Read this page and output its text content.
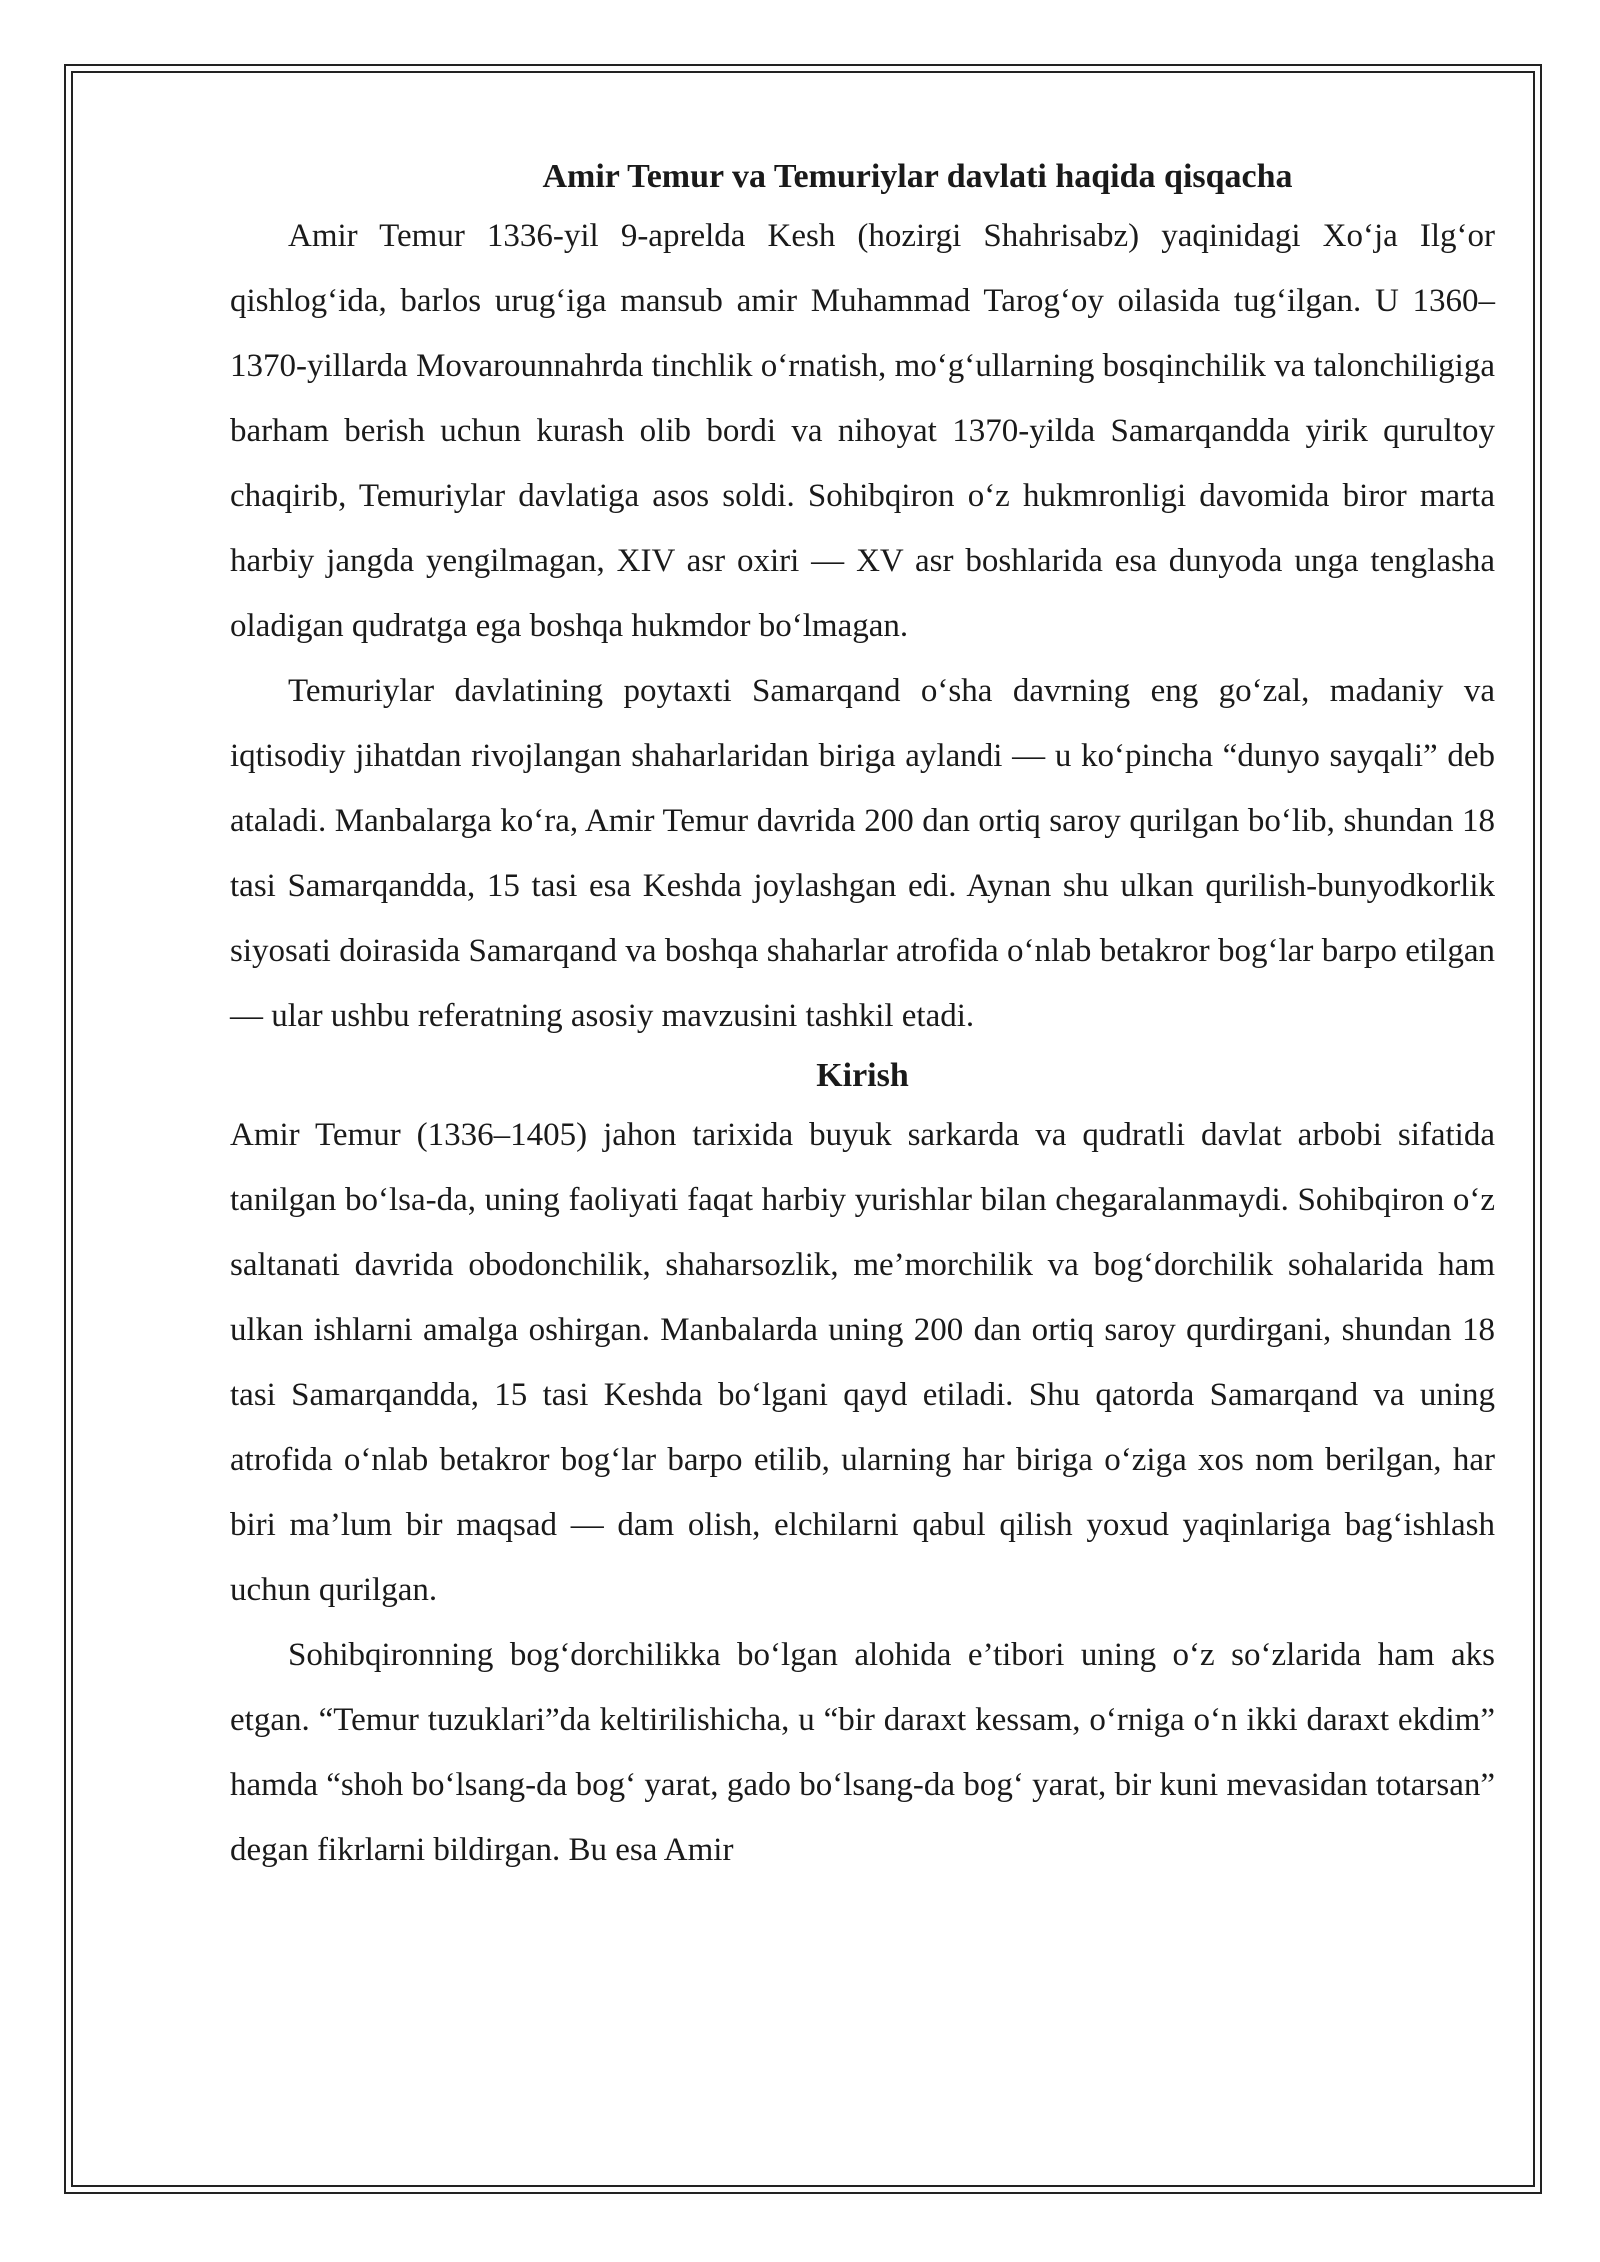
Amir Temur va Temuriylar davlati haqida qisqacha

Amir Temur 1336-yil 9-aprelda Kesh (hozirgi Shahrisabz) yaqinidagi Xo‘ja Ilg‘or qishlog‘ida, barlos urug‘iga mansub amir Muhammad Tarog‘oy oilasida tug‘ilgan. U 1360–1370-yillarda Movarounnahrda tinchlik o‘rnatish, mo‘g‘ullarning bosqinchilik va talonchiligiga barham berish uchun kurash olib bordi va nihoyat 1370-yilda Samarqandda yirik qurultoy chaqirib, Temuriylar davlatiga asos soldi. Sohibqiron o‘z hukmronligi davomida biror marta harbiy jangda yengilmagan, XIV asr oxiri — XV asr boshlarida esa dunyoda unga tenglasha oladigan qudratga ega boshqa hukmdor bo‘lmagan.

Temuriylar davlatining poytaxti Samarqand o‘sha davrning eng go‘zal, madaniy va iqtisodiy jihatdan rivojlangan shaharlaridan biriga aylandi — u ko‘pincha “dunyo sayqali” deb ataladi. Manbalarga ko‘ra, Amir Temur davrida 200 dan ortiq saroy qurilgan bo‘lib, shundan 18 tasi Samarqandda, 15 tasi esa Keshda joylashgan edi. Aynan shu ulkan qurilish-bunyodkorlik siyosati doirasida Samarqand va boshqa shaharlar atrofida o‘nlab betakror bog‘lar barpo etilgan — ular ushbu referatning asosiy mavzusini tashkil etadi.

Kirish

Amir Temur (1336–1405) jahon tarixida buyuk sarkarda va qudratli davlat arbobi sifatida tanilgan bo‘lsa-da, uning faoliyati faqat harbiy yurishlar bilan chegaralanmaydi. Sohibqiron o‘z saltanati davrida obodonchilik, shaharsozlik, me’morchilik va bog‘dorchilik sohalarida ham ulkan ishlarni amalga oshirgan. Manbalarda uning 200 dan ortiq saroy qurdirgani, shundan 18 tasi Samarqandda, 15 tasi Keshda bo‘lgani qayd etiladi. Shu qatorda Samarqand va uning atrofida o‘nlab betakror bog‘lar barpo etilib, ularning har biriga o‘ziga xos nom berilgan, har biri ma’lum bir maqsad — dam olish, elchilarni qabul qilish yoxud yaqinlariga bag‘ishlash uchun qurilgan.

Sohibqironning bog‘dorchilikka bo‘lgan alohida e’tibori uning o‘z so‘zlarida ham aks etgan. “Temur tuzuklari”da keltirilishicha, u “bir daraxt kessam, o‘rniga o‘n ikki daraxt ekdim” hamda “shoh bo‘lsang-da bog‘ yarat, gado bo‘lsang-da bog‘ yarat, bir kuni mevasidan totarsan” degan fikrlarni bildirgan. Bu esa Amir
